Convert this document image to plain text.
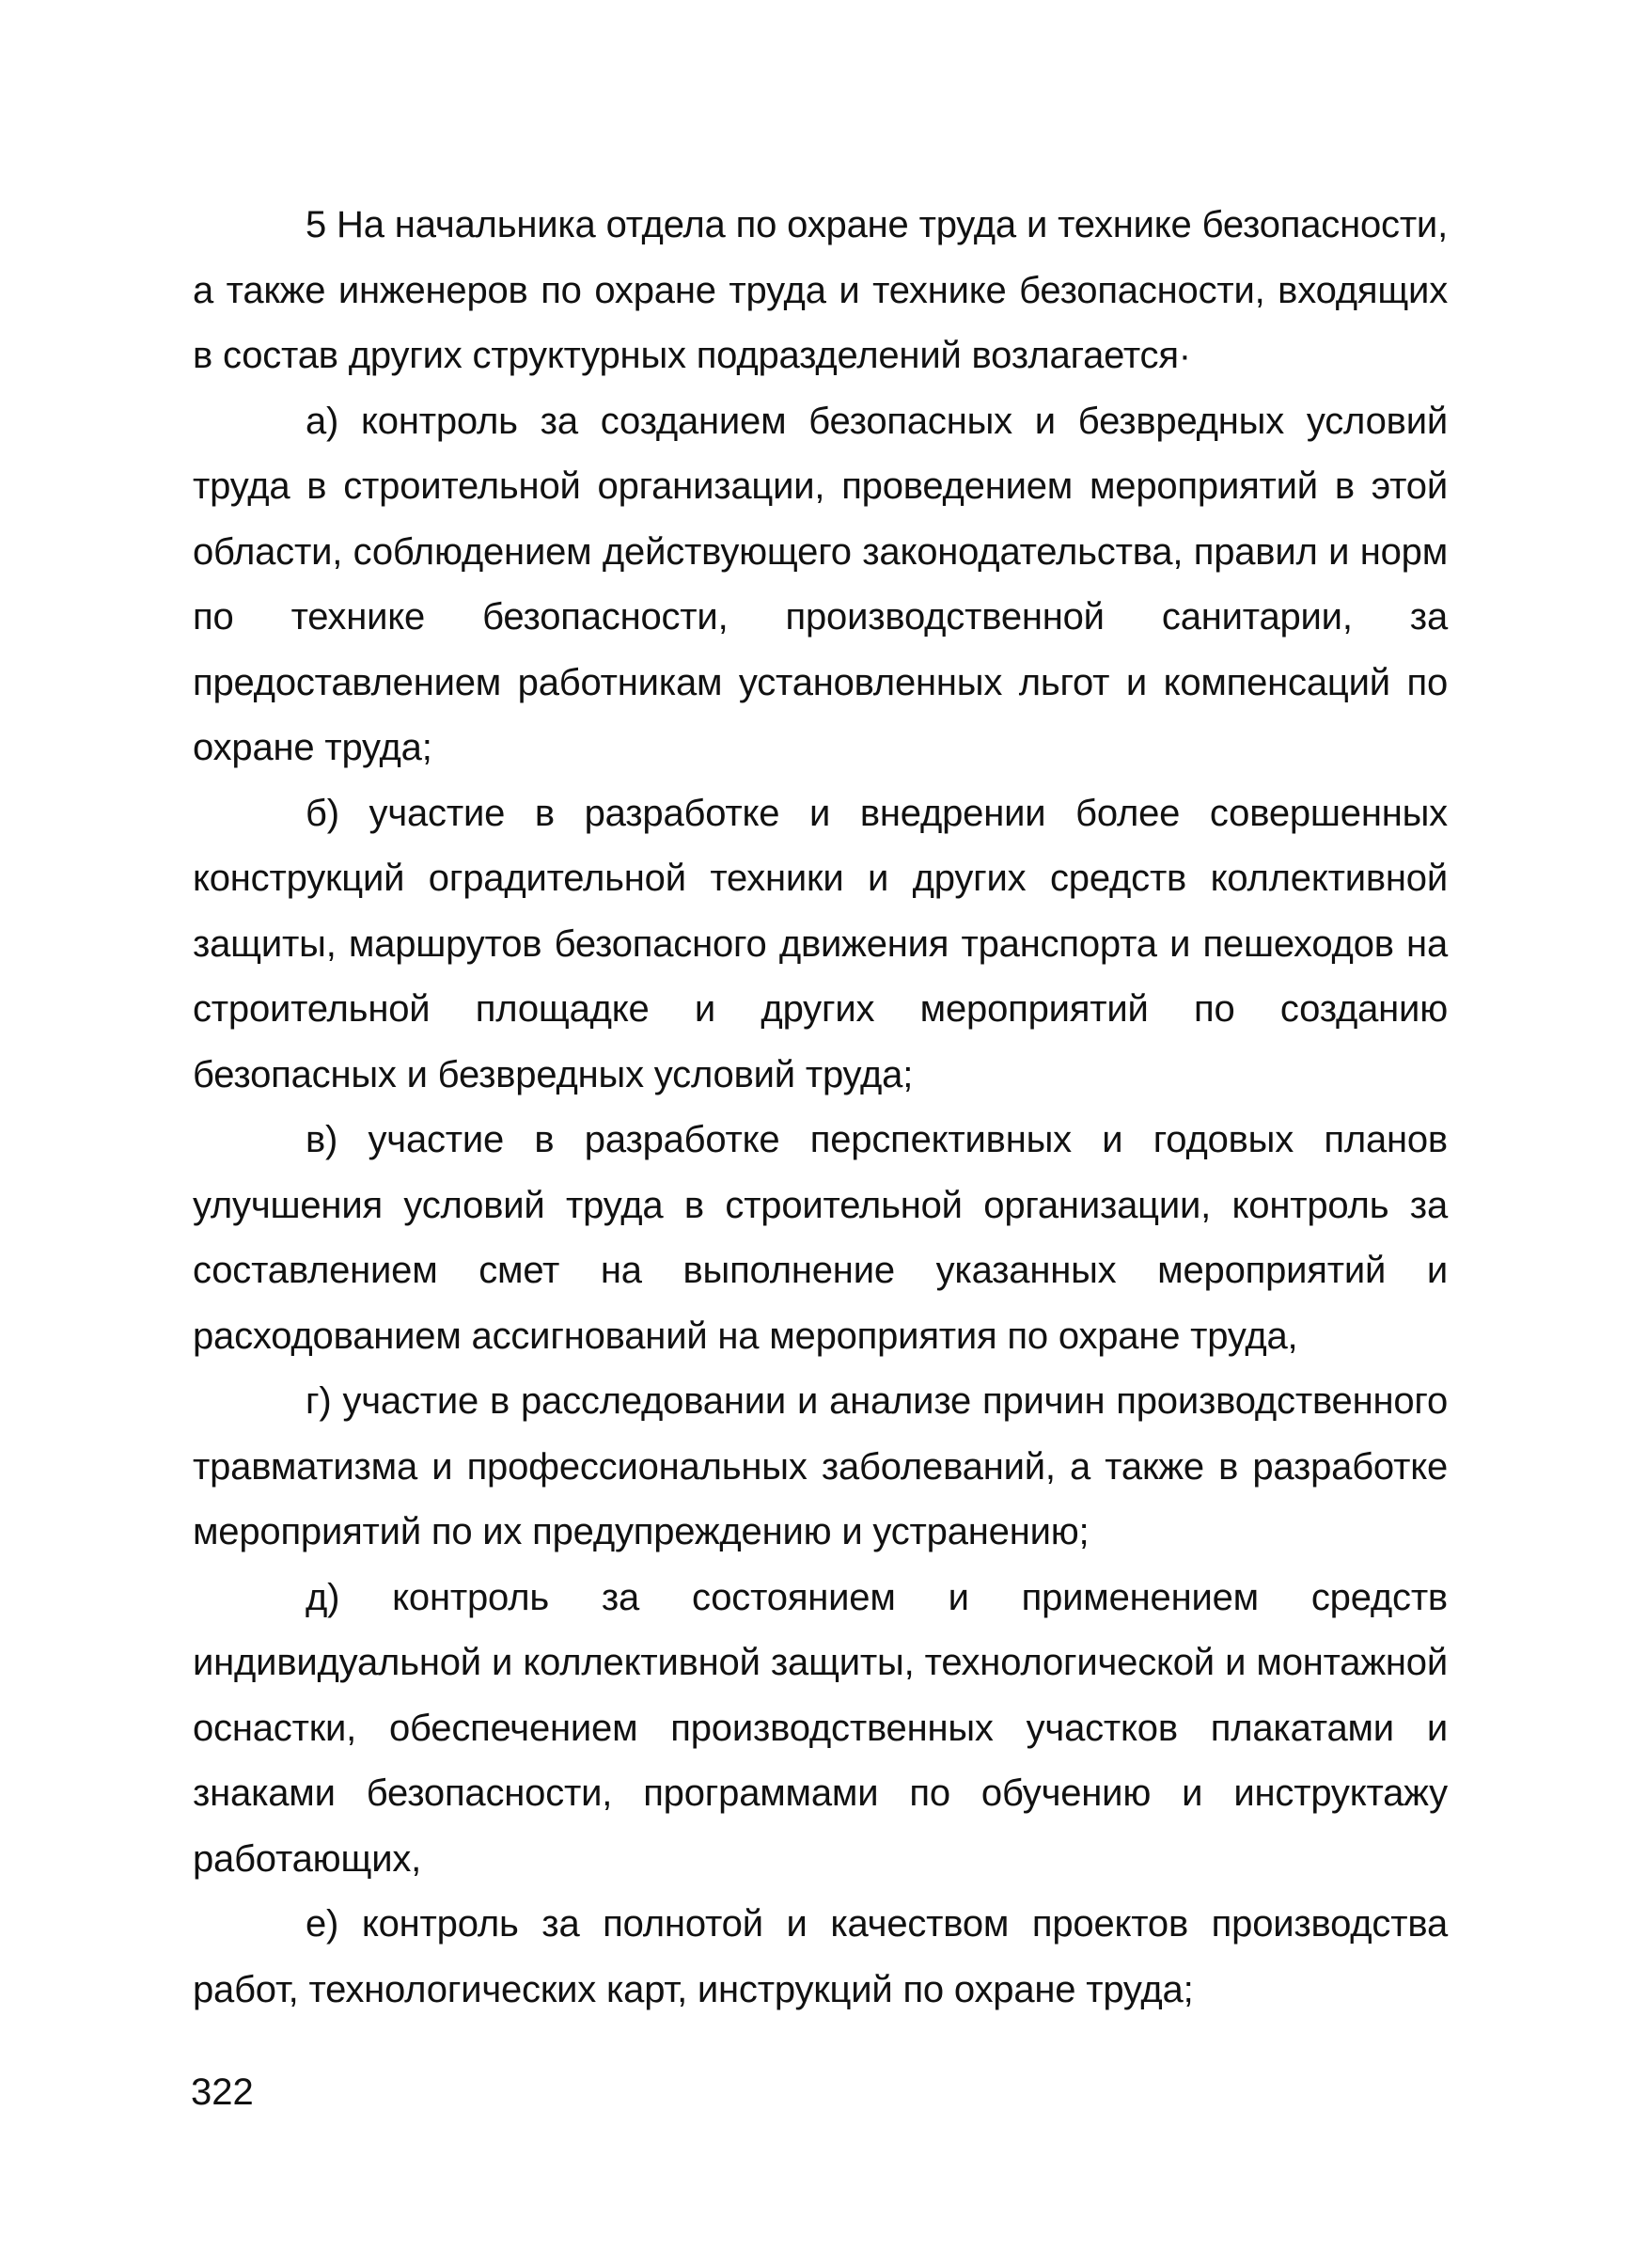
5 На начальника отдела по охране труда и технике безопасности, а также инженеров по охране труда и технике безопасности, входящих в состав других структурных подразделений возлагается·

а) контроль за созданием безопасных и безвредных условий труда в строительной организации, проведением мероприятий в этой области, соблюдением действующего законодательства, правил и норм по технике безопасности, производственной санитарии, за предоставлением работникам установленных льгот и компенсаций по охране труда;

б) участие в разработке и внедрении более совершенных конструкций оградительной техники и других средств коллективной защиты, маршрутов безопасного движения транспорта и пешеходов на строительной площадке и других мероприятий по созданию безопасных и безвредных условий труда;

в) участие в разработке перспективных и годовых планов улучшения условий труда в строительной организации, контроль за составлением смет на выполнение указанных мероприятий и расходованием ассигнований на мероприятия по охране труда,

г) участие в расследовании и анализе причин производственного травматизма и профессиональных заболеваний, а также в разработке мероприятий по их предупреждению и устранению;

д) контроль за состоянием и применением средств индивидуальной и коллективной защиты, технологической и монтажной оснастки, обеспечением производственных участков плакатами и знаками безопасности, программами по обучению и инструктажу работающих,

е) контроль за полнотой и качеством проектов производства работ, технологических карт, инструкций по охране труда;

322
